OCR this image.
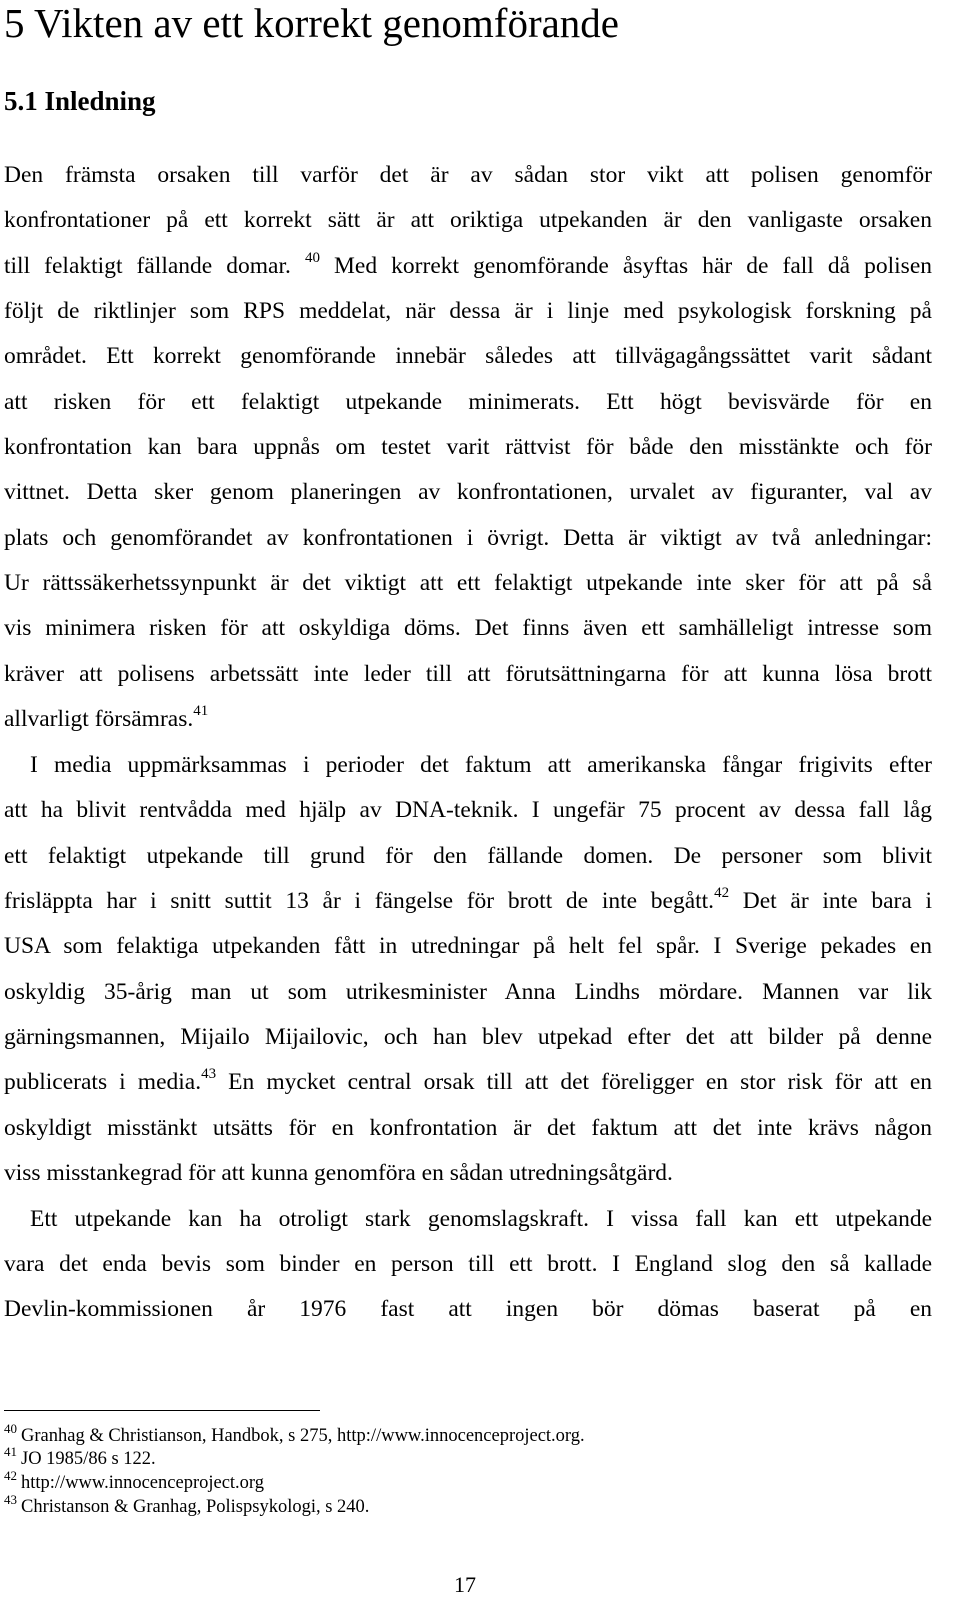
5 Vikten av ett korrekt genomförande
5.1 Inledning
Den främsta orsaken till varför det är av sådan stor vikt att polisen genomför
konfrontationer på ett korrekt sätt är att oriktiga utpekanden är den vanligaste orsaken
till felaktigt fällande domar. $^{40}$ Med korrekt genomförande åsyftas här de fall då polisen
följt de riktlinjer som RPS meddelat, när dessa är i linje med psykologisk forskning på
området. Ett korrekt genomförande innebär således att tillvägagångssättet varit sådant
att risken för ett felaktigt utpekande minimerats. Ett högt bevisvärde för en
konfrontation kan bara uppnås om testet varit rättvist för både den misstänkte och för
vittnet. Detta sker genom planeringen av konfrontationen, urvalet av figuranter, val av
plats och genomförandet av konfrontationen i övrigt. Detta är viktigt av två anledningar:
Ur rättssäkerhetssynpunkt är det viktigt att ett felaktigt utpekande inte sker för att på så
vis minimera risken för att oskyldiga döms. Det finns även ett samhälleligt intresse som
kräver att polisens arbetssätt inte leder till att förutsättningarna för att kunna lösa brott
allvarligt försämras.$^{41}$
I media uppmärksammas i perioder det faktum att amerikanska fångar frigivits efter
att ha blivit rentvådda med hjälp av DNA-teknik. I ungefär 75 procent av dessa fall låg
ett felaktigt utpekande till grund för den fällande domen. De personer som blivit
frisläppta har i snitt suttit 13 år i fängelse för brott de inte begått.$^{42}$ Det är inte bara i
USA som felaktiga utpekanden fått in utredningar på helt fel spår. I Sverige pekades en
oskyldig 35-årig man ut som utrikesminister Anna Lindhs mördare. Mannen var lik
gärningsmannen, Mijailo Mijailovic, och han blev utpekad efter det att bilder på denne
publicerats i media.$^{43}$ En mycket central orsak till att det föreligger en stor risk för att en
oskyldigt misstänkt utsätts för en konfrontation är det faktum att det inte krävs någon
viss misstankegrad för att kunna genomföra en sådan utredningsåtgärd.
Ett utpekande kan ha otroligt stark genomslagskraft. I vissa fall kan ett utpekande
vara det enda bevis som binder en person till ett brott. I England slog den så kallade
Devlin-kommissionen år 1976 fast att ingen bör dömas baserat på en
$^{40}$ Granhag & Christianson, Handbok, s 275, http://www.innocenceproject.org.
$^{41}$ JO 1985/86 s 122.
$^{42}$ http://www.innocenceproject.org
$^{43}$ Christanson & Granhag, Polispsykologi, s 240.
17
